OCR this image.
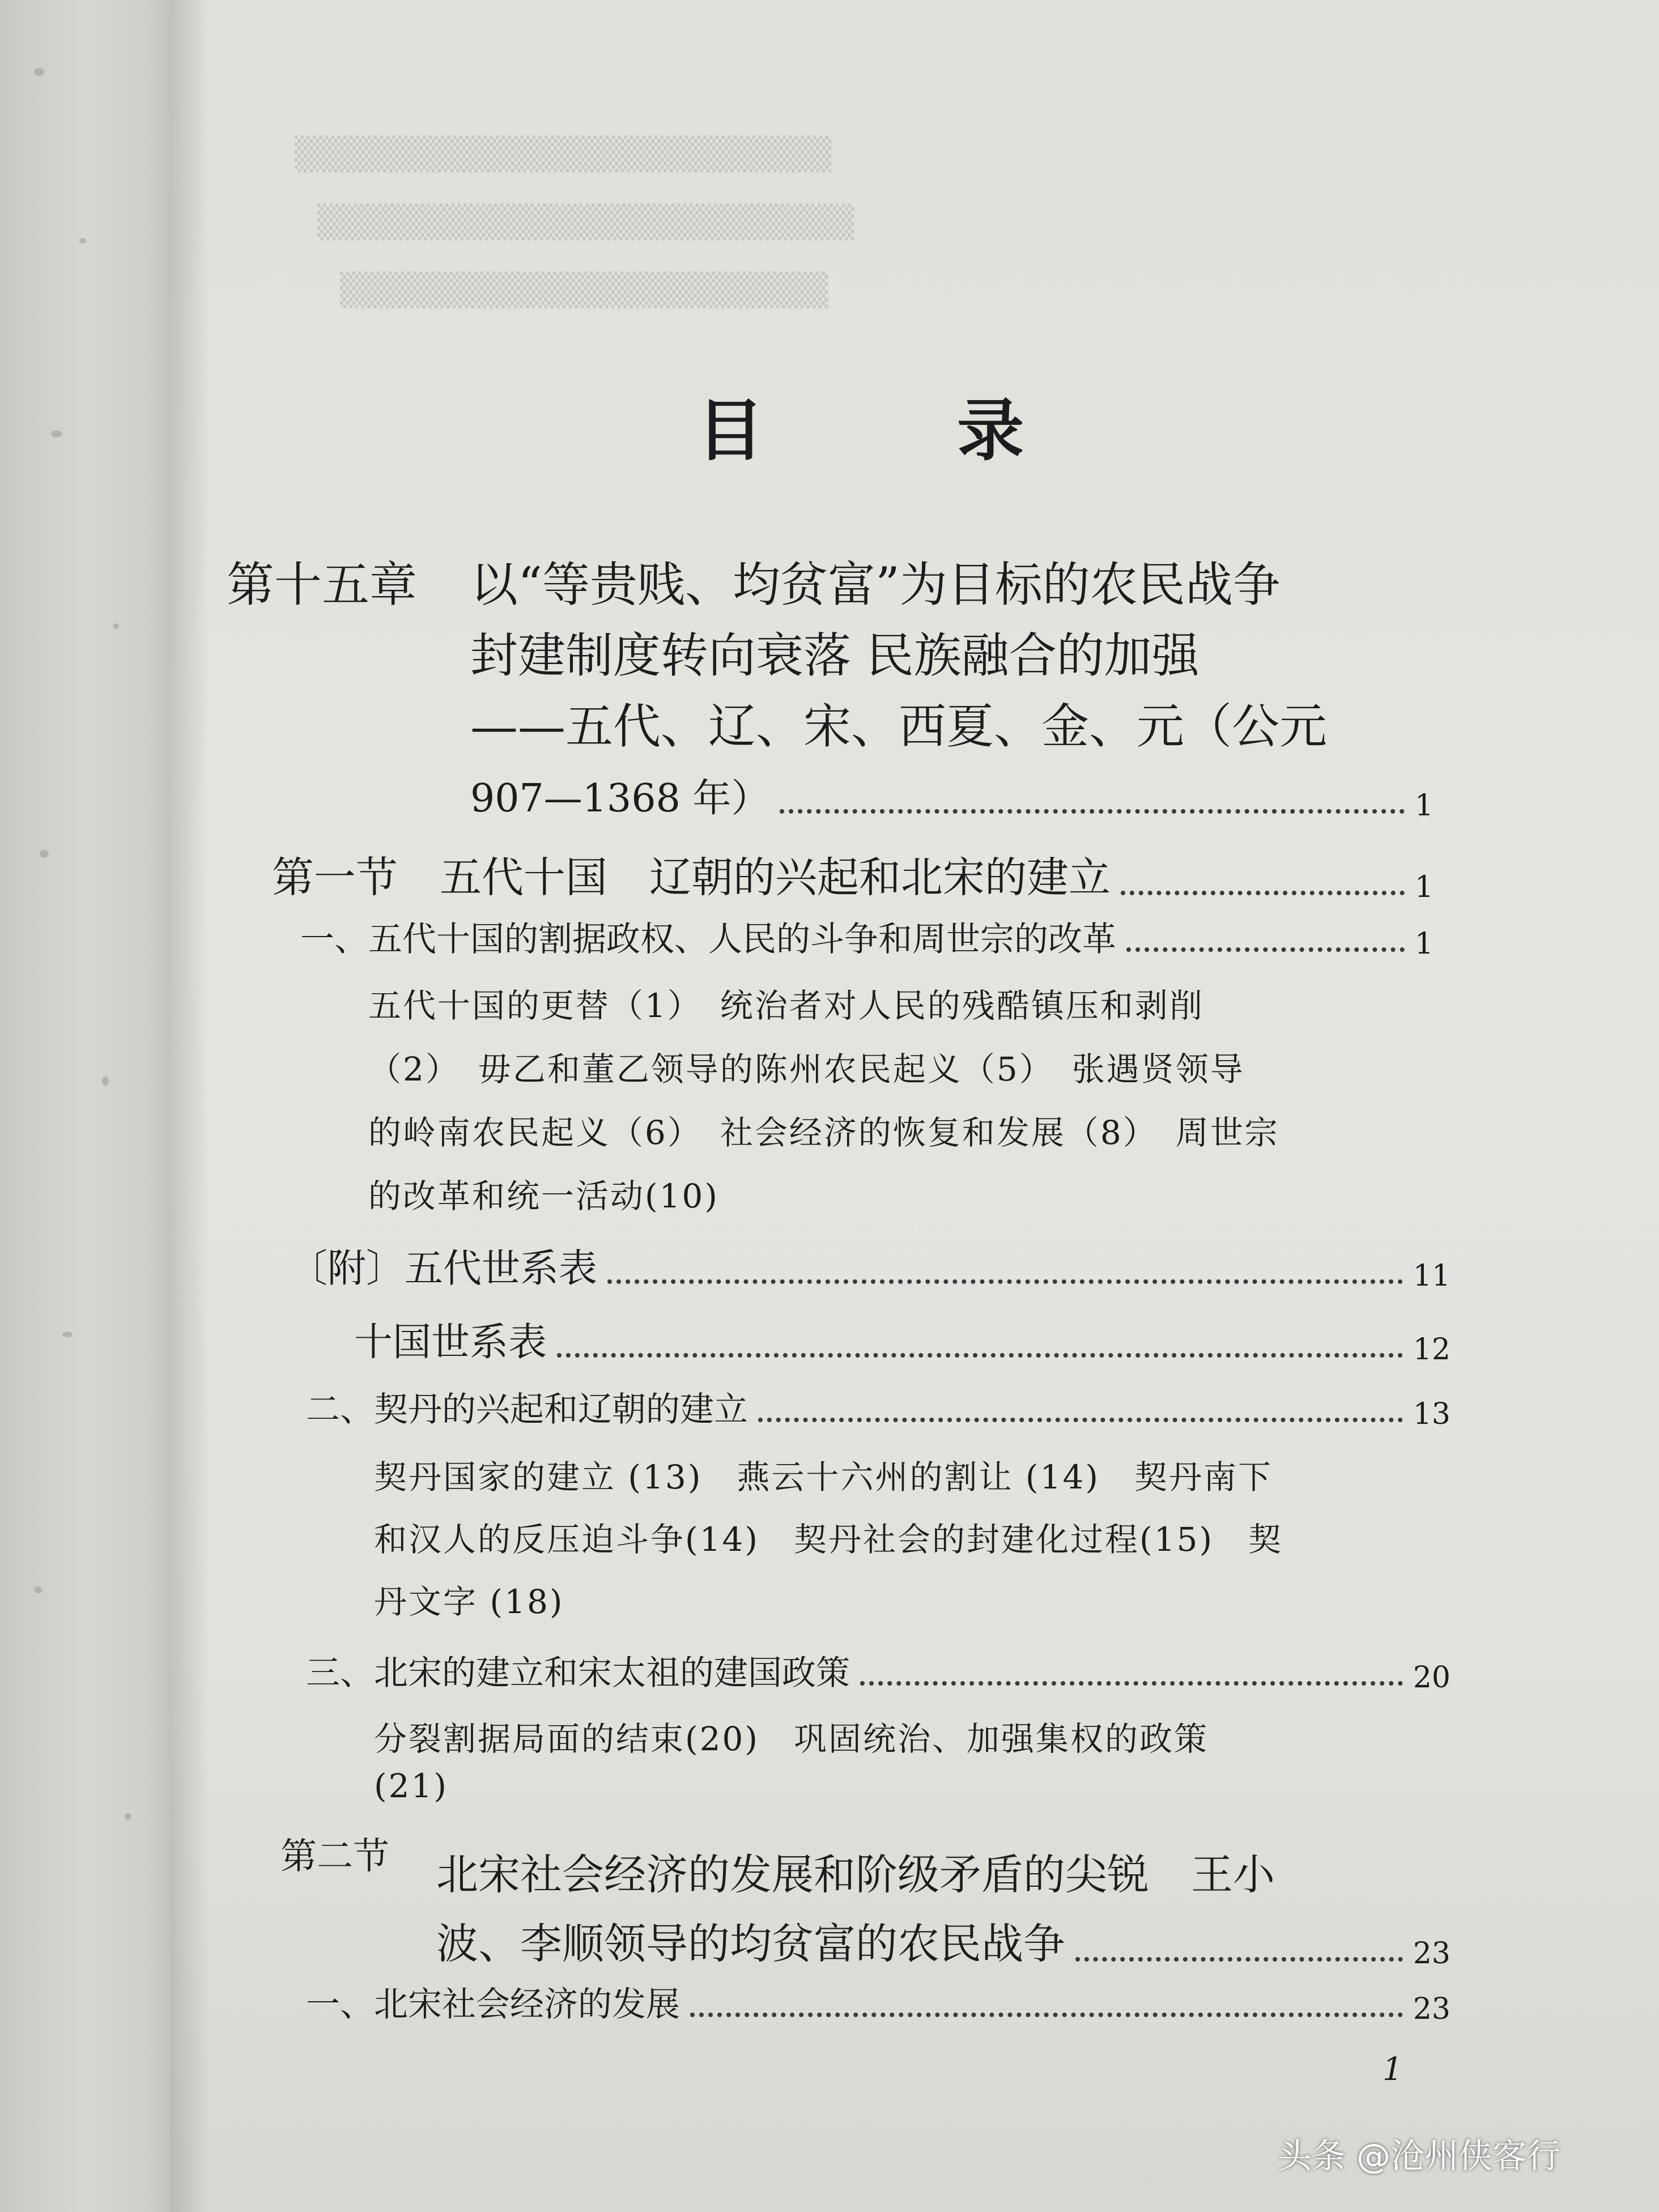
▒▒▒▒▒▒▒▒▒▒▒▒▒▒▒▒▒▒▒▒▒▒
▒▒▒▒▒▒▒▒▒▒▒▒▒▒▒▒▒▒▒▒▒▒
▒▒▒▒▒▒▒▒▒▒▒▒▒▒▒▒▒▒▒▒
目 录
第十五章 以“等贵贱、均贫富”为目标的农民战争
封建制度转向衰落 民族融合的加强
——五代、辽、宋、西夏、金、元（公元
907—1368 年）	1
第一节　五代十国　辽朝的兴起和北宋的建立	1
一、五代十国的割据政权、人民的斗争和周世宗的改革	1
五代十国的更替（1）　统治者对人民的残酷镇压和剥削
（2）　毋乙和董乙领导的陈州农民起义（5）　张遇贤领导
的岭南农民起义（6）　社会经济的恢复和发展（8）　周世宗
的改革和统一活动(10)
〔附〕五代世系表	11
十国世系表	12
二、契丹的兴起和辽朝的建立	13
契丹国家的建立 (13)　燕云十六州的割让 (14)　契丹南下
和汉人的反压迫斗争(14)　契丹社会的封建化过程(15)　契
丹文字 (18)
三、北宋的建立和宋太祖的建国政策	20
分裂割据局面的结束(20)　巩固统治、加强集权的政策
(21)
第二节 北宋社会经济的发展和阶级矛盾的尖锐　王小
波、李顺领导的均贫富的农民战争	23
一、北宋社会经济的发展	23
1
头条 @沧州侠客行
